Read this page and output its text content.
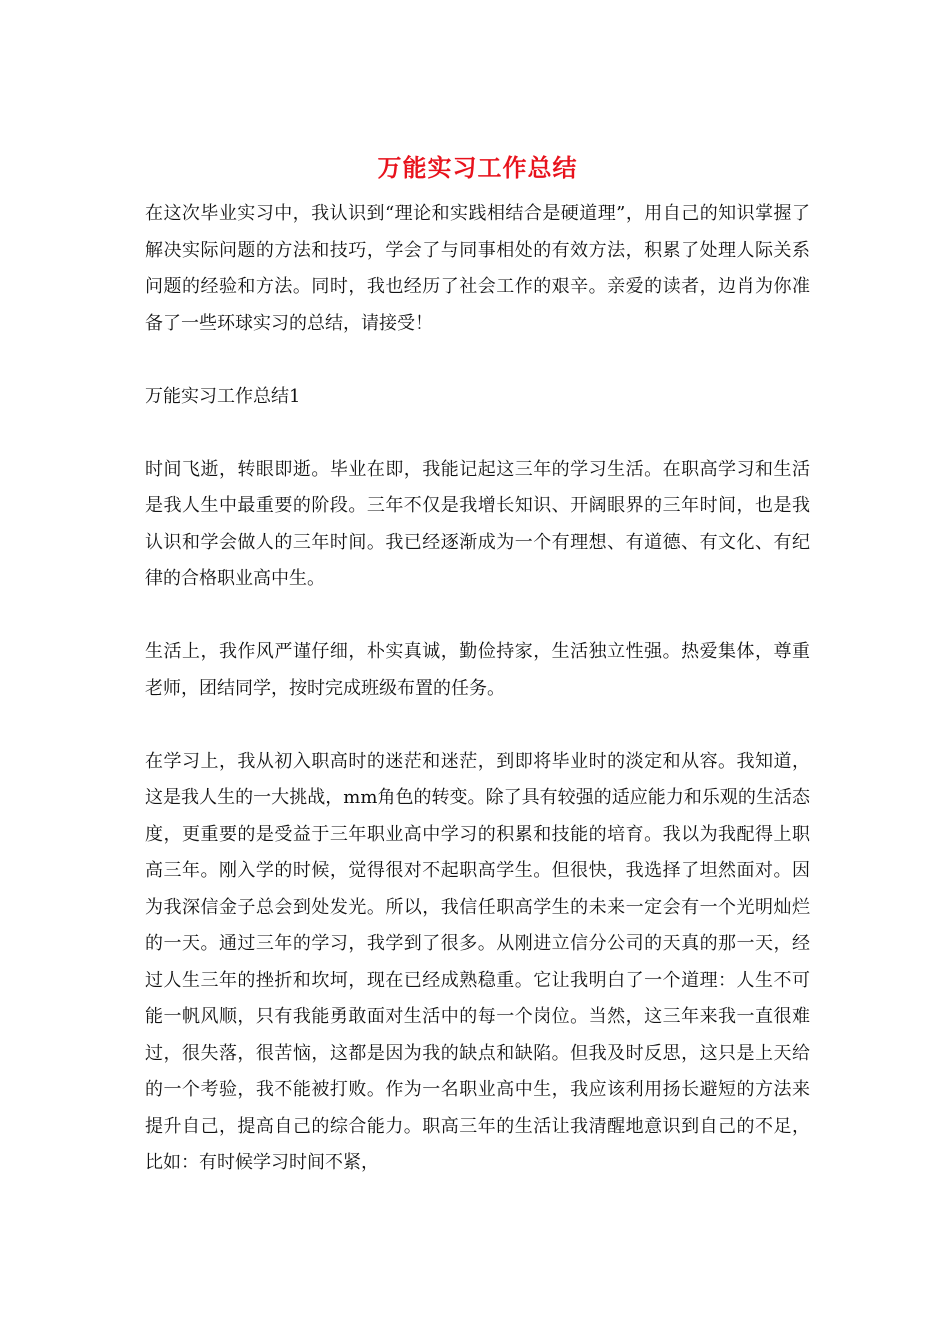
万能实习工作总结

在这次毕业实习中，我认识到“理论和实践相结合是硬道理”，用自己的知识掌握了解决实际问题的方法和技巧，学会了与同事相处的有效方法，积累了处理人际关系问题的经验和方法。同时，我也经历了社会工作的艰辛。亲爱的读者，边肖为你准备了一些环球实习的总结，请接受！

万能实习工作总结1

时间飞逝，转眼即逝。毕业在即，我能记起这三年的学习生活。在职高学习和生活是我人生中最重要的阶段。三年不仅是我增长知识、开阔眼界的三年时间，也是我认识和学会做人的三年时间。我已经逐渐成为一个有理想、有道德、有文化、有纪律的合格职业高中生。

生活上，我作风严谨仔细，朴实真诚，勤俭持家，生活独立性强。热爱集体，尊重老师，团结同学，按时完成班级布置的任务。

在学习上，我从初入职高时的迷茫和迷茫，到即将毕业时的淡定和从容。我知道，这是我人生的一大挑战，mm角色的转变。除了具有较强的适应能力和乐观的生活态度，更重要的是受益于三年职业高中学习的积累和技能的培育。我以为我配得上职高三年。刚入学的时候，觉得很对不起职高学生。但很快，我选择了坦然面对。因为我深信金子总会到处发光。所以，我信任职高学生的未来一定会有一个光明灿烂的一天。通过三年的学习，我学到了很多。从刚进立信分公司的天真的那一天，经过人生三年的挫折和坎坷，现在已经成熟稳重。它让我明白了一个道理：人生不可能一帆风顺，只有我能勇敢面对生活中的每一个岗位。当然，这三年来我一直很难过，很失落，很苦恼，这都是因为我的缺点和缺陷。但我及时反思，这只是上天给的一个考验，我不能被打败。作为一名职业高中生，我应该利用扬长避短的方法来提升自己，提高自己的综合能力。职高三年的生活让我清醒地意识到自己的不足，比如：有时候学习时间不紧，
